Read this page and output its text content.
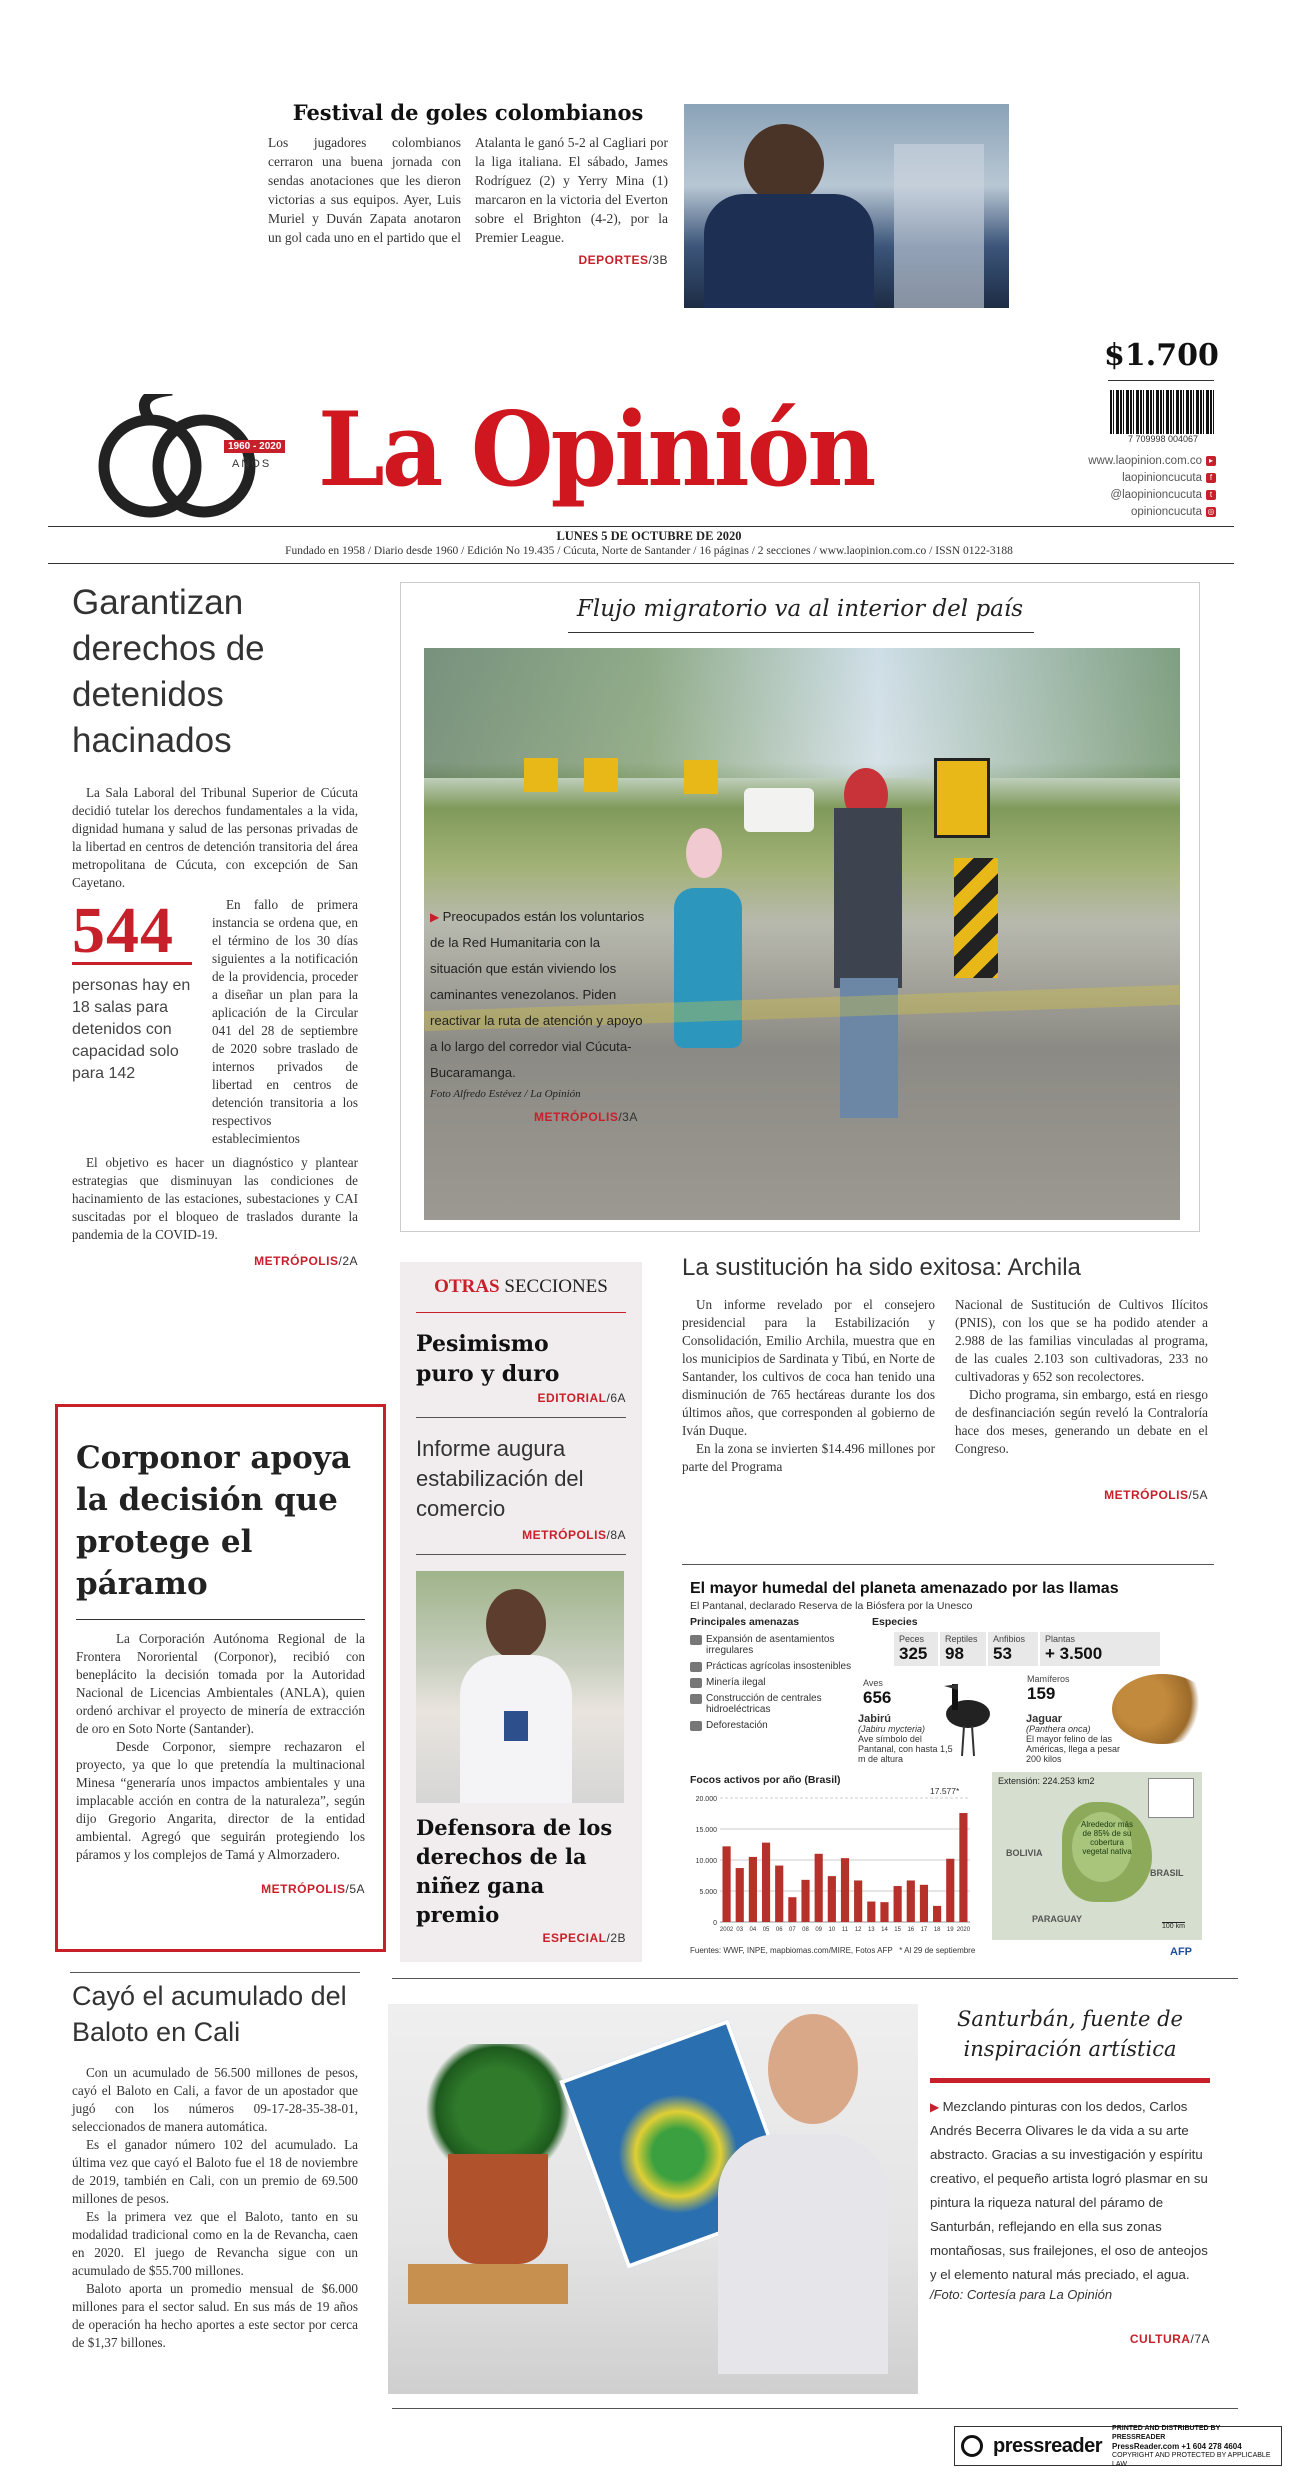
Festival de goles colombianos
Los jugadores colombianos cerraron una buena jornada con sendas anotaciones que les dieron victorias a sus equipos. Ayer, Luis Muriel y Duván Zapata anotaron un gol cada uno en el partido que el Atalanta le ganó 5-2 al Cagliari por la liga italiana. El sábado, James Rodríguez (2) y Yerry Mina (1) marcaron en la victoria del Everton sobre el Brighton (4-2), por la Premier League.
DEPORTES/3B
1960 - 2020
AÑOS La Opinión
$1.700
7 709998 004067
www.laopinion.com.co ▸
laopinioncucuta f
@laopinioncucuta t
opinioncucuta ◎
LUNES 5 DE OCTUBRE DE 2020
Fundado en 1958 / Diario desde 1960 / Edición No 19.435 / Cúcuta, Norte de Santander / 16 páginas / 2 secciones / www.laopinion.com.co / ISSN 0122-3188
Garantizan derechos de detenidos hacinados
La Sala Laboral del Tribunal Superior de Cúcuta decidió tutelar los derechos fundamentales a la vida, dignidad humana y salud de las personas privadas de la libertad en centros de detención transitoria del área metropolitana de Cúcuta, con excepción de San Cayetano.
544
personas hay en 18 salas para detenidos con capacidad solo para 142
En fallo de primera instancia se ordena que, en el término de los 30 días siguientes a la notificación de la providencia, proceder a diseñar un plan para la aplicación de la Circular 041 del 28 de septiembre de 2020 sobre traslado de internos privados de libertad en centros de detención transitoria a los respectivos establecimientos
El objetivo es hacer un diagnóstico y plantear estrategias que disminuyan las condiciones de hacinamiento de las estaciones, subestaciones y CAI suscitadas por el bloqueo de traslados durante la pandemia de la COVID-19.
METRÓPOLIS/2A
Flujo migratorio va al interior del país
▶ Preocupados están los voluntarios de la Red Humanitaria con la situación que están viviendo los caminantes venezolanos. Piden reactivar la ruta de atención y apoyo a lo largo del corredor vial Cúcuta-Bucaramanga.
Foto Alfredo Estévez / La Opinión
METRÓPOLIS/3A
Corponor apoya la decisión que protege el páramo
La Corporación Autónoma Regional de la Frontera Nororiental (Corponor), recibió con beneplácito la decisión tomada por la Autoridad Nacional de Licencias Ambientales (ANLA), quien ordenó archivar el proyecto de minería de extracción de oro en Soto Norte (Santander).
Desde Corponor, siempre rechazaron el proyecto, ya que lo que pretendía la multinacional Minesa “generaría unos impactos ambientales y una implacable acción en contra de la naturaleza”, según dijo Gregorio Angarita, director de la entidad ambiental. Agregó que seguirán protegiendo los páramos y los complejos de Tamá y Almorzadero.
METRÓPOLIS/5A
OTRAS SECCIONES
Pesimismo puro y duro
EDITORIAL/6A
Informe augura estabilización del comercio
METRÓPOLIS/8A
Defensora de los derechos de la niñez gana premio
ESPECIAL/2B
La sustitución ha sido exitosa: Archila
Un informe revelado por el consejero presidencial para la Estabilización y Consolidación, Emilio Archila, muestra que en los municipios de Sardinata y Tibú, en Norte de Santander, los cultivos de coca han tenido una disminución de 765 hectáreas durante los dos últimos años, que corresponden al gobierno de Iván Duque.
En la zona se invierten $14.496 millones por parte del Programa
Nacional de Sustitución de Cultivos Ilícitos (PNIS), con los que se ha podido atender a 2.988 de las familias vinculadas al programa, de las cuales 2.103 son cultivadoras, 233 no cultivadoras y 652 son recolectores.
Dicho programa, sin embargo, está en riesgo de desfinanciación según reveló la Contraloría hace dos meses, generando un debate en el Congreso.
METRÓPOLIS/5A
El mayor humedal del planeta amenazado por las llamas
El Pantanal, declarado Reserva de la Biósfera por la Unesco
Principales amenazas
Expansión de asentamientos irregulares
Prácticas agrícolas insostenibles
Minería ilegal
Construcción de centrales hidroeléctricas
Deforestación
Especies
Peces
325
Reptiles
98
Anfibios
53
Plantas
+ 3.500
Aves
656
Mamíferos
159
Jabirú
(Jabiru mycteria)
Ave símbolo del Pantanal, con hasta 1,5 m de altura
Jaguar
(Panthera onca)
El mayor felino de las Américas, llega a pesar 200 kilos
Focos activos por año (Brasil)
17.577*
20.000
15.000
10.000
5.000
0
2002 03 04 05 06 07 08 09 10 11 12 13 14 15 16 17 18 19 2020
Fuentes: WWF, INPE, mapbiomas.com/MIRE, Fotos AFP * Al 29 de septiembre
Extensión: 224.253 km2
Alrededor más de 85% de su cobertura vegetal nativa
BOLIVIA
BRASIL
PARAGUAY
100 km
AFP
Cayó el acumulado del Baloto en Cali
Con un acumulado de 56.500 millones de pesos, cayó el Baloto en Cali, a favor de un apostador que jugó con los números 09-17-28-35-38-01, seleccionados de manera automática.
Es el ganador número 102 del acumulado. La última vez que cayó el Baloto fue el 18 de noviembre de 2019, también en Cali, con un premio de 69.500 millones de pesos.
Es la primera vez que el Baloto, tanto en su modalidad tradicional como en la de Revancha, caen en 2020. El juego de Revancha sigue con un acumulado de $55.700 millones.
Baloto aporta un promedio mensual de $6.000 millones para el sector salud. En sus más de 19 años de operación ha hecho aportes a este sector por cerca de $1,37 billones.
Santurbán, fuente de inspiración artística
▶ Mezclando pinturas con los dedos, Carlos Andrés Becerra Olivares le da vida a su arte abstracto. Gracias a su investigación y espíritu creativo, el pequeño artista logró plasmar en su pintura la riqueza natural del páramo de Santurbán, reflejando en ella sus zonas montañosas, sus frailejones, el oso de anteojos y el elemento natural más preciado, el agua.
/Foto: Cortesía para La Opinión
CULTURA/7A
pressreader
PRINTED AND DISTRIBUTED BY PRESSREADER
PressReader.com +1 604 278 4604
COPYRIGHT AND PROTECTED BY APPLICABLE LAW
